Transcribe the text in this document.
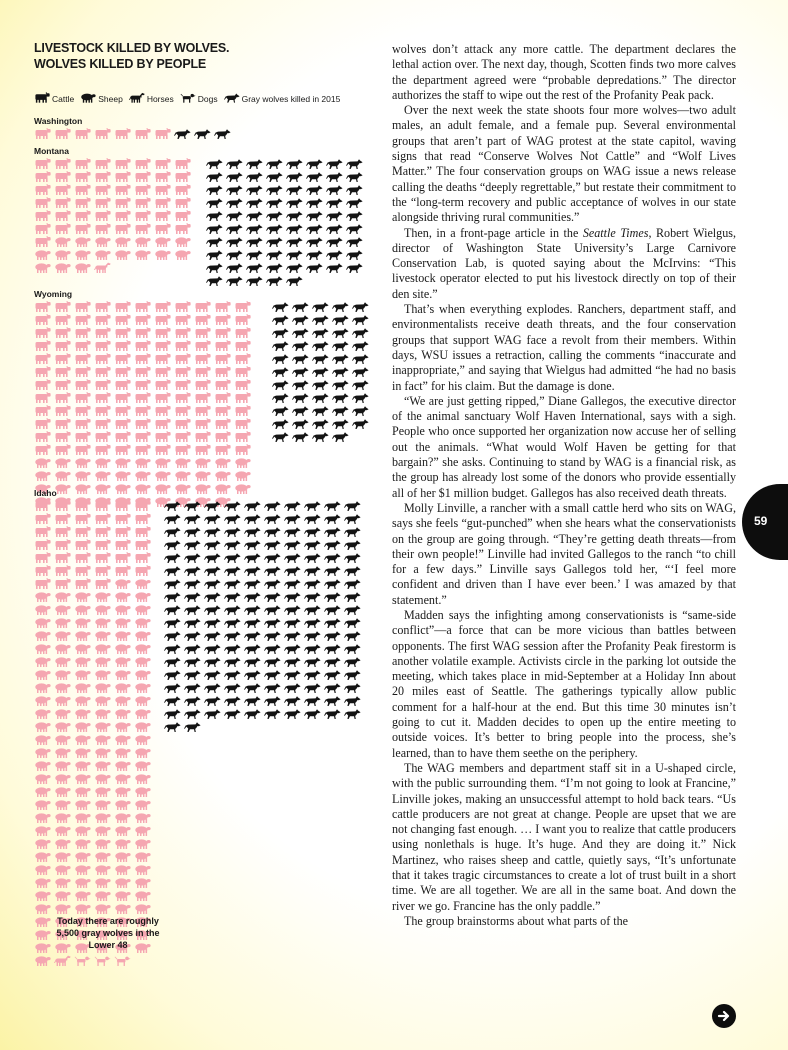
LIVESTOCK KILLED BY WOLVES.
WOLVES KILLED BY PEOPLE
Cattle	Sheep	Horses	Dogs	Gray wolves killed in 2015
Washington
Montana
Wyoming
Idaho
Today there are roughly 5,500 gray wolves in the Lower 48

wolves don’t attack any more cattle. The department declares the lethal action over. The next day, though, Scotten finds two more calves the department agreed were “probable depredations.” The director authorizes the staff to wipe out the rest of the Profanity Peak pack.

Over the next week the state shoots four more wolves—two adult males, an adult female, and a female pup. Several environmental groups that aren’t part of WAG protest at the state capitol, waving signs that read “Conserve Wolves Not Cattle” and “Wolf Lives Matter.” The four conservation groups on WAG issue a news release calling the deaths “deeply regrettable,” but restate their commitment to the “long-term recovery and public acceptance of wolves in our state alongside thriving rural communities.”

Then, in a front-page article in the Seattle Times, Robert Wielgus, director of Washington State University’s Large Carnivore Conservation Lab, is quoted saying about the McIrvins: “This livestock operator elected to put his livestock directly on top of their den site.”

That’s when everything explodes. Ranchers, department staff, and environmentalists receive death threats, and the four conservation groups that support WAG face a revolt from their members. Within days, WSU issues a retraction, calling the comments “inaccurate and inappropriate,” and saying that Wielgus had admitted “he had no basis in fact” for his claim. But the damage is done.

“We are just getting ripped,” Diane Gallegos, the executive director of the animal sanctuary Wolf Haven International, says with a sigh. People who once supported her organization now accuse her of selling out the animals. “What would Wolf Haven be getting for that bargain?” she asks. Continuing to stand by WAG is a financial risk, as the group has already lost some of the donors who provide essentially all of her $1 million budget. Gallegos has also received death threats.

Molly Linville, a rancher with a small cattle herd who sits on WAG, says she feels “gut-punched” when she hears what the conservationists on the group are going through. “They’re getting death threats—from their own people!” Linville had invited Gallegos to the ranch “to chill for a few days.” Linville says Gallegos told her, “‘I feel more confident and driven than I have ever been.’ I was amazed by that statement.”

Madden says the infighting among conservationists is “same-side conflict”—a force that can be more vicious than battles between opponents. The first WAG session after the Profanity Peak firestorm is another volatile example. Activists circle in the parking lot outside the meeting, which takes place in mid-September at a Holiday Inn about 20 miles east of Seattle. The gatherings typically allow public comment for a half-hour at the end. But this time 30 minutes isn’t going to cut it. Madden decides to open up the entire meeting to outside voices. It’s better to bring people into the process, she’s learned, than to have them seethe on the periphery.

The WAG members and department staff sit in a U-shaped circle, with the public surrounding them. “I’m not going to look at Francine,” Linville jokes, making an unsuccessful attempt to hold back tears. “Us cattle producers are not great at change. People are upset that we are not changing fast enough. … I want you to realize that cattle producers using nonlethals is huge. It’s huge. And they are doing it.” Nick Martinez, who raises sheep and cattle, quietly says, “It’s unfortunate that it takes tragic circumstances to create a lot of trust built in a short time. We are all together. We are all in the same boat. And down the river we go. Francine has the only paddle.”

The group brainstorms about what parts of the

59
